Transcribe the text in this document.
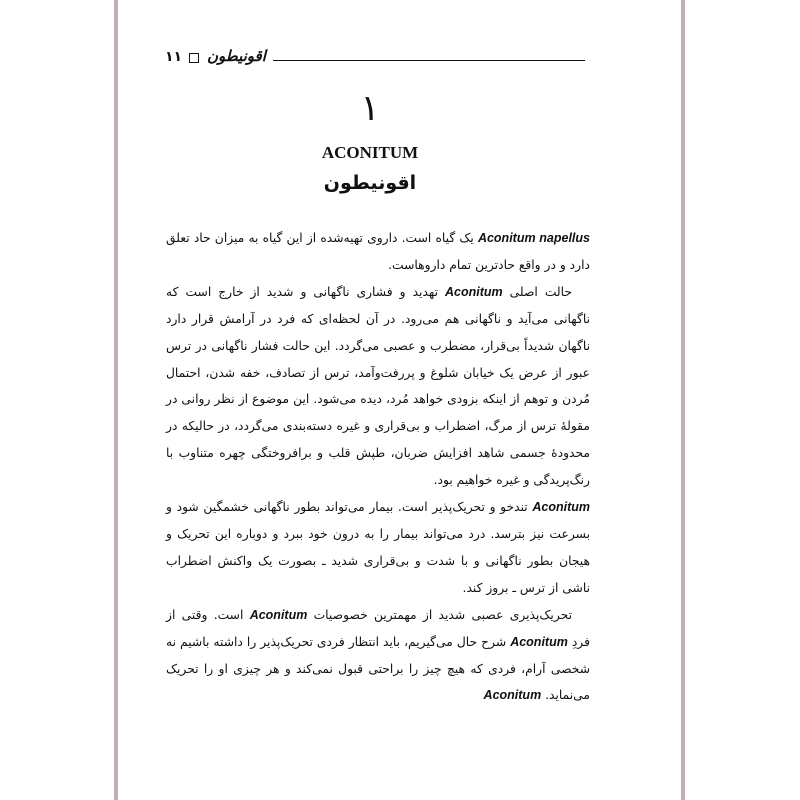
۱۱ اقونیطون
۱
ACONITUM
اقونیطون

Aconitum napellus یک گیاه است. داروی تهیه‌شده از این گیاه به میزان حاد تعلق دارد و در واقع حادترین تمام داروهاست.

حالت اصلی Aconitum تهدید و فشاری ناگهانی و شدید از خارج است که ناگهانی می‌آید و ناگهانی هم می‌رود. در آن لحظه‌ای که فرد در آرامش قرار دارد ناگهان شدیداً بی‌قرار، مضطرب و عصبی می‌گردد. این حالت فشار ناگهانی در ترس عبور از عرض یک خیابان شلوغ و پررفت‌وآمد، ترس از تصادف، خفه شدن، احتمال مُردن و توهم از اینکه بزودی خواهد مُرد، دیده می‌شود. این موضوع از نظر روانی در مقولهٔ ترس از مرگ، اضطراب و بی‌قراری و غیره دسته‌بندی می‌گردد، در حالیکه در محدودهٔ جسمی شاهد افزایش ضربان، طپش قلب و برافروختگی چهره متناوب با رنگ‌پریدگی و غیره خواهیم بود.

Aconitum تندخو و تحریک‌پذیر است. بیمار می‌تواند بطور ناگهانی خشمگین شود و بسرعت نیز بترسد. درد می‌تواند بیمار را به درون خود ببرد و دوباره این تحریک و هیجان بطور ناگهانی و با شدت و بی‌قراری شدید ـ بصورت یک واکنش اضطراب ناشی از ترس ـ بروز کند.

تحریک‌پذیری عصبی شدید از مهمترین خصوصیات Aconitum است. وقتی از فردِ Aconitum شرح حال می‌گیریم، باید انتظار فردی تحریک‌پذیر را داشته باشیم نه شخصی آرام، فردی که هیچ چیز را براحتی قبول نمی‌کند و هر چیزی او را تحریک می‌نماید. Aconitum
